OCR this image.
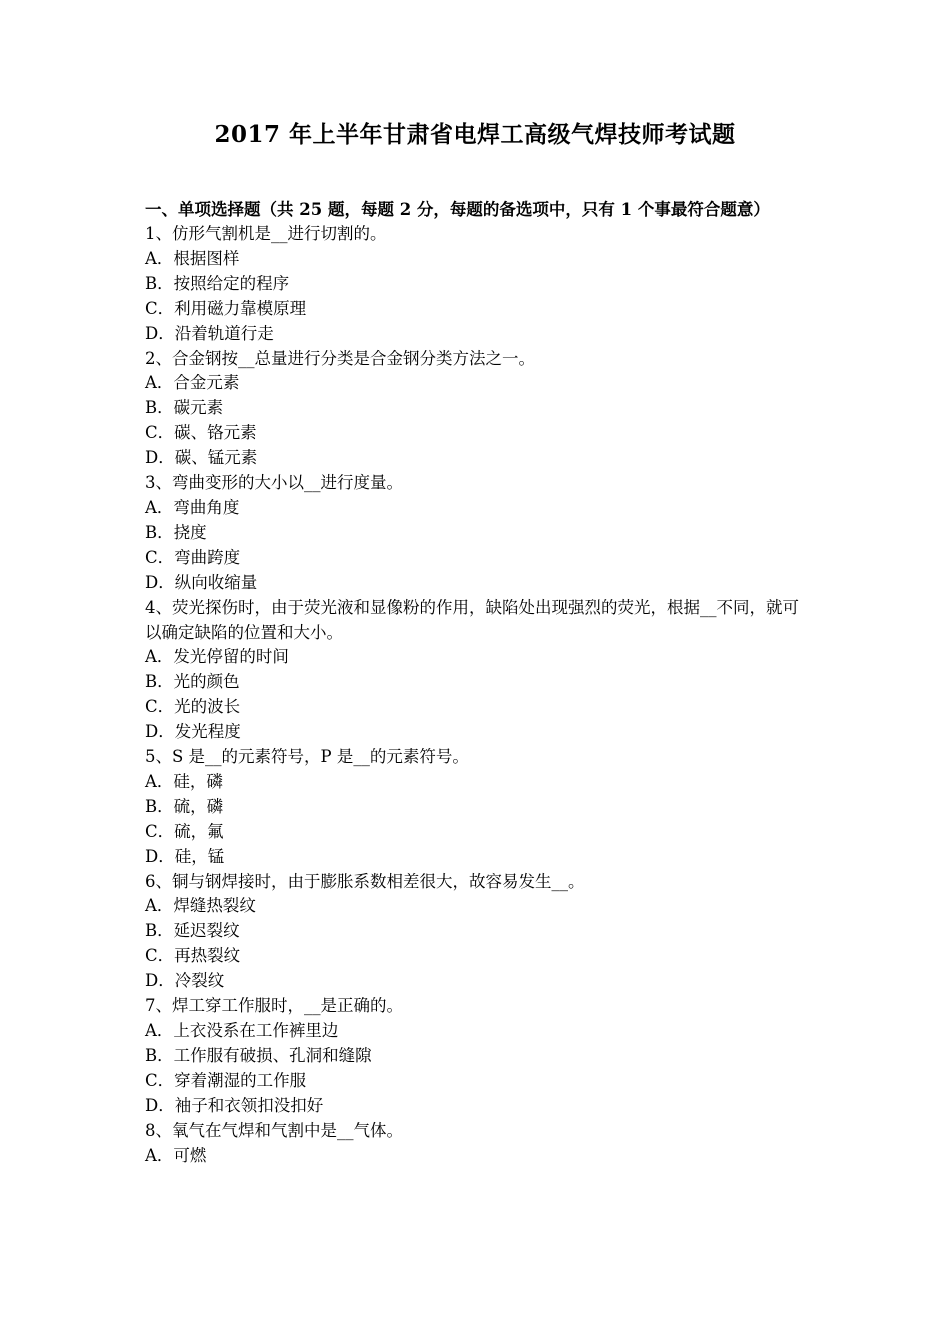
2017 年上半年甘肃省电焊工高级气焊技师考试题
一、单项选择题（共 25 题，每题 2 分，每题的备选项中，只有 1 个事最符合题意）
1、仿形气割机是__进行切割的。
A．根据图样
B．按照给定的程序
C．利用磁力靠模原理
D．沿着轨道行走
2、合金钢按__总量进行分类是合金钢分类方法之一。
A．合金元素
B．碳元素
C．碳、铬元素
D．碳、锰元素
3、弯曲变形的大小以__进行度量。
A．弯曲角度
B．挠度
C．弯曲跨度
D．纵向收缩量
4、荧光探伤时，由于荧光液和显像粉的作用，缺陷处出现强烈的荧光，根据__不同，就可以确定缺陷的位置和大小。
A．发光停留的时间
B．光的颜色
C．光的波长
D．发光程度
5、S 是__的元素符号，P 是__的元素符号。
A．硅，磷
B．硫，磷
C．硫，氟
D．硅，锰
6、铜与钢焊接时，由于膨胀系数相差很大，故容易发生__。
A．焊缝热裂纹
B．延迟裂纹
C．再热裂纹
D．冷裂纹
7、焊工穿工作服时，__是正确的。
A．上衣没系在工作裤里边
B．工作服有破损、孔洞和缝隙
C．穿着潮湿的工作服
D．袖子和衣领扣没扣好
8、氧气在气焊和气割中是__气体。
A．可燃
